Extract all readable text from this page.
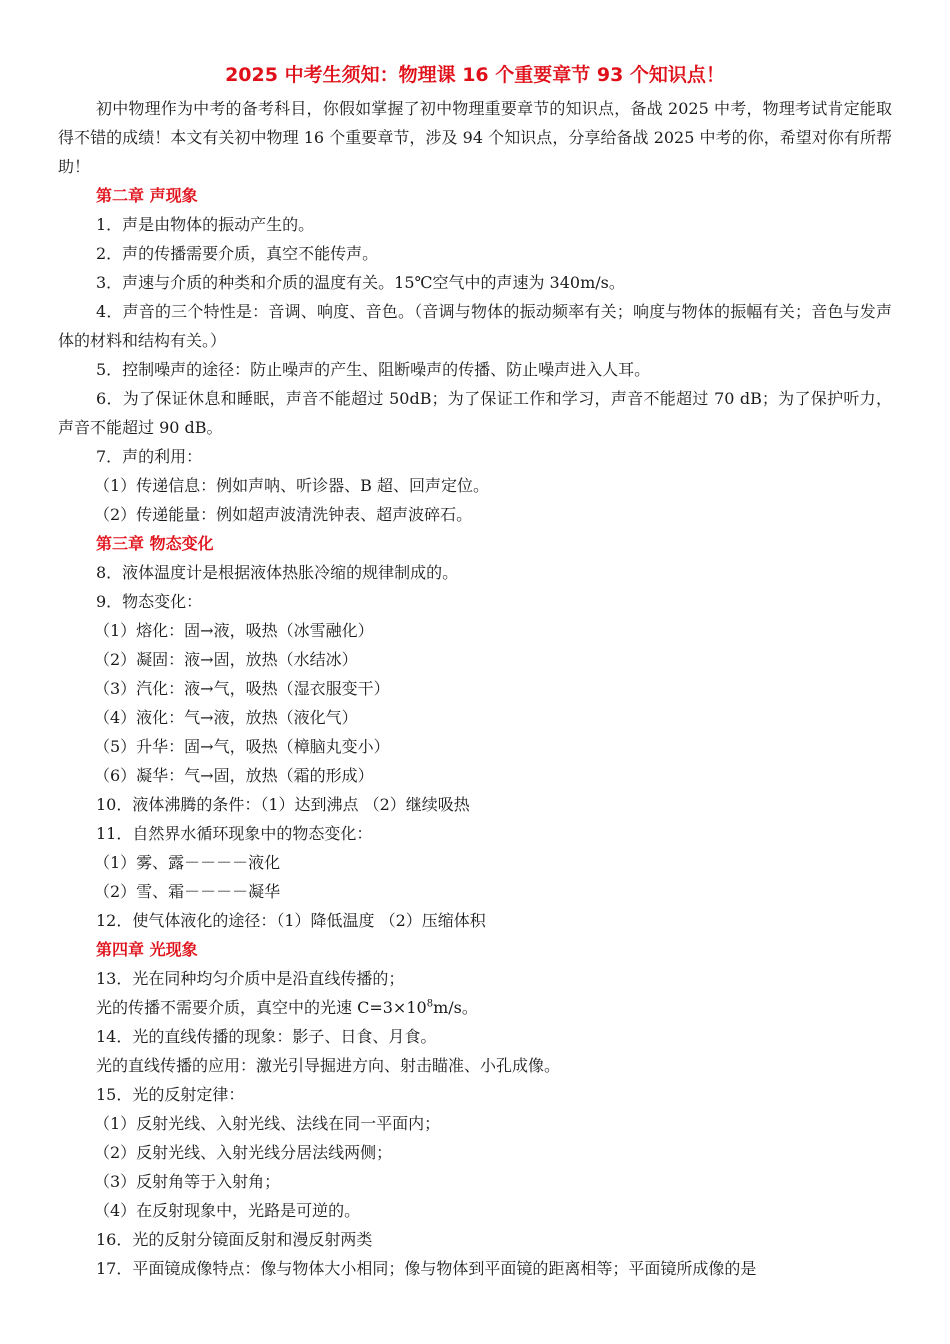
2025 中考生须知：物理课 16 个重要章节 93 个知识点！

初中物理作为中考的备考科目，你假如掌握了初中物理重要章节的知识点，备战 2025 中考，物理考试肯定能取得不错的成绩！本文有关初中物理 16 个重要章节，涉及 94 个知识点，分享给备战 2025 中考的你，希望对你有所帮助！

第二章 声现象

1．声是由物体的振动产生的。

2．声的传播需要介质，真空不能传声。

3．声速与介质的种类和介质的温度有关。15℃空气中的声速为 340m/s。

4．声音的三个特性是：音调、响度、音色。（音调与物体的振动频率有关；响度与物体的振幅有关；音色与发声体的材料和结构有关。）

5．控制噪声的途径：防止噪声的产生、阻断噪声的传播、防止噪声进入人耳。

6．为了保证休息和睡眠，声音不能超过 50dB；为了保证工作和学习，声音不能超过 70 dB；为了保护听力，声音不能超过 90 dB。

7．声的利用：

（1）传递信息：例如声呐、听诊器、B 超、回声定位。

（2）传递能量：例如超声波清洗钟表、超声波碎石。

第三章 物态变化

8．液体温度计是根据液体热胀冷缩的规律制成的。

9．物态变化：

（1）熔化：固→液，吸热（冰雪融化）

（2）凝固：液→固，放热（水结冰）

（3）汽化：液→气，吸热（湿衣服变干）

（4）液化：气→液，放热（液化气）

（5）升华：固→气，吸热（樟脑丸变小）

（6）凝华：气→固，放热（霜的形成）

10．液体沸腾的条件：（1）达到沸点 （2）继续吸热

11．自然界水循环现象中的物态变化：

（1）雾、露－－－－液化

（2）雪、霜－－－－凝华

12．使气体液化的途径：（1）降低温度 （2）压缩体积

第四章 光现象

13．光在同种均匀介质中是沿直线传播的；

光的传播不需要介质，真空中的光速 $C=3\times 10^8m/s$。

14．光的直线传播的现象：影子、日食、月食。

光的直线传播的应用：激光引导掘进方向、射击瞄准、小孔成像。

15．光的反射定律：

（1）反射光线、入射光线、法线在同一平面内；

（2）反射光线、入射光线分居法线两侧；

（3）反射角等于入射角；

（4）在反射现象中，光路是可逆的。

16．光的反射分镜面反射和漫反射两类

17．平面镜成像特点：像与物体大小相同；像与物体到平面镜的距离相等；平面镜所成像的是
